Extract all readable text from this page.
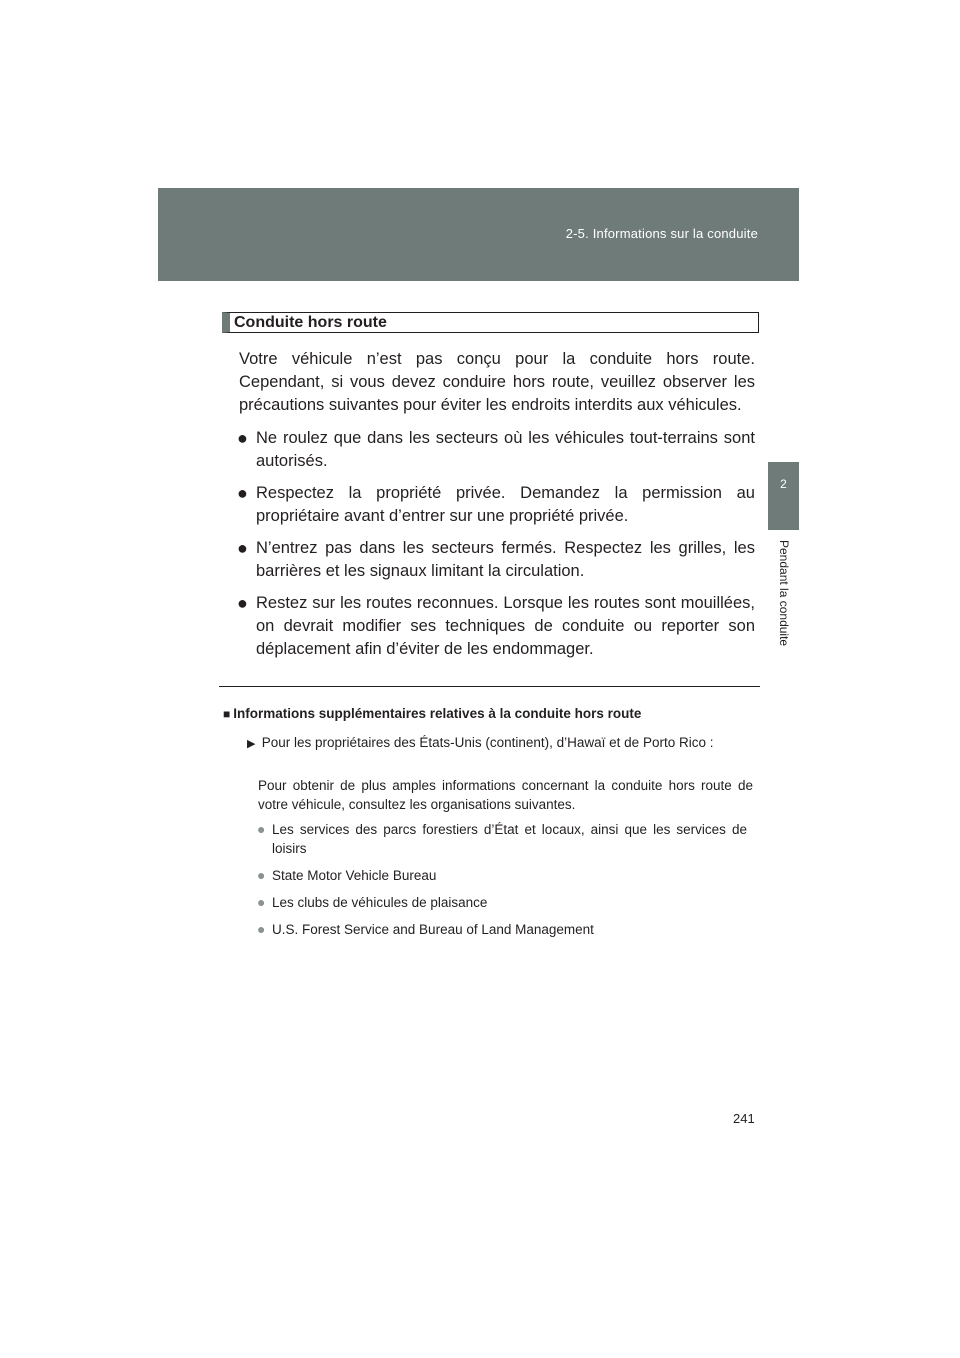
2-5. Informations sur la conduite
2
Pendant la conduite
Conduite hors route
Votre véhicule n’est pas conçu pour la conduite hors route. Cependant, si vous devez conduire hors route, veuillez observer les précautions suivantes pour éviter les endroits interdits aux véhicules.
● Ne roulez que dans les secteurs où les véhicules tout-terrains sont autorisés.
● Respectez la propriété privée. Demandez la permission au propriétaire avant d’entrer sur une propriété privée.
● N’entrez pas dans les secteurs fermés. Respectez les grilles, les barrières et les signaux limitant la circulation.
● Restez sur les routes reconnues. Lorsque les routes sont mouillées, on devrait modifier ses techniques de conduite ou reporter son déplacement afin d’éviter de les endommager.
■ Informations supplémentaires relatives à la conduite hors route
▶ Pour les propriétaires des États-Unis (continent), d’Hawaï et de Porto Rico :
Pour obtenir de plus amples informations concernant la conduite hors route de votre véhicule, consultez les organisations suivantes.
● Les services des parcs forestiers d’État et locaux, ainsi que les services de loisirs
● State Motor Vehicle Bureau
● Les clubs de véhicules de plaisance
● U.S. Forest Service and Bureau of Land Management
241
